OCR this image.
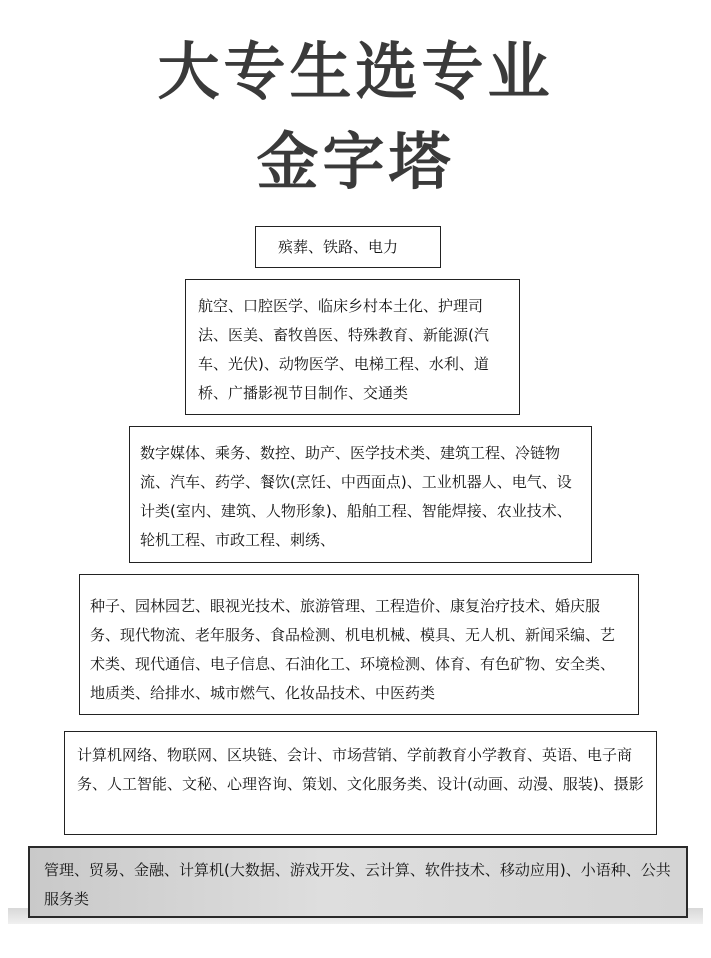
大专生选专业
金字塔

殡葬、铁路、电力

航空、口腔医学、临床乡村本土化、护理司法、医美、畜牧兽医、特殊教育、新能源(汽车、光伏)、动物医学、电梯工程、水利、道桥、广播影视节目制作、交通类

数字媒体、乘务、数控、助产、医学技术类、建筑工程、冷链物流、汽车、药学、餐饮(烹饪、中西面点)、工业机器人、电气、设计类(室内、建筑、人物形象)、船舶工程、智能焊接、农业技术、轮机工程、市政工程、刺绣、

种子、园林园艺、眼视光技术、旅游管理、工程造价、康复治疗技术、婚庆服务、现代物流、老年服务、食品检测、机电机械、模具、无人机、新闻采编、艺术类、现代通信、电子信息、石油化工、环境检测、体育、有色矿物、安全类、地质类、给排水、城市燃气、化妆品技术、中医药类

计算机网络、物联网、区块链、会计、市场营销、学前教育小学教育、英语、电子商务、人工智能、文秘、心理咨询、策划、文化服务类、设计(动画、动漫、服装)、摄影

管理、贸易、金融、计算机(大数据、游戏开发、云计算、软件技术、移动应用)、小语种、公共服务类
